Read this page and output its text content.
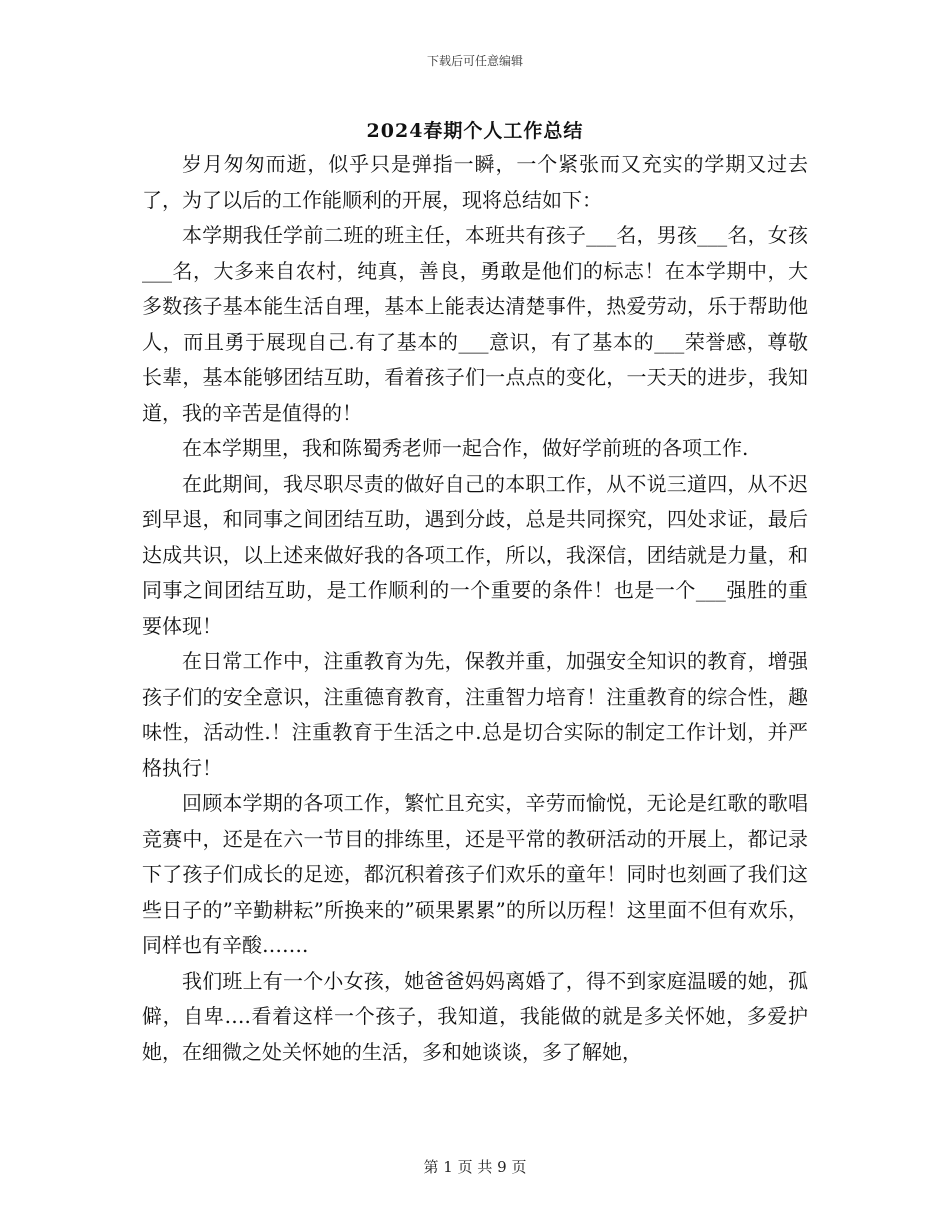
下载后可任意编辑
2024春期个人工作总结

岁月匆匆而逝，似乎只是弹指一瞬，一个紧张而又充实的学期又过去了，为了以后的工作能顺利的开展，现将总结如下：

本学期我任学前二班的班主任，本班共有孩子___名，男孩___名，女孩___名，大多来自农村，纯真，善良，勇敢是他们的标志！在本学期中，大多数孩子基本能生活自理，基本上能表达清楚事件，热爱劳动，乐于帮助他人，而且勇于展现自己.有了基本的___意识，有了基本的___荣誉感，尊敬长辈，基本能够团结互助，看着孩子们一点点的变化，一天天的进步，我知道，我的辛苦是值得的！

在本学期里，我和陈蜀秀老师一起合作，做好学前班的各项工作.

在此期间，我尽职尽责的做好自己的本职工作，从不说三道四，从不迟到早退，和同事之间团结互助，遇到分歧，总是共同探究，四处求证，最后达成共识，以上述来做好我的各项工作，所以，我深信，团结就是力量，和同事之间团结互助，是工作顺利的一个重要的条件！也是一个___强胜的重要体现！

在日常工作中，注重教育为先，保教并重，加强安全知识的教育，增强孩子们的安全意识，注重德育教育，注重智力培育！注重教育的综合性，趣味性，活动性.！注重教育于生活之中.总是切合实际的制定工作计划，并严格执行！

回顾本学期的各项工作，繁忙且充实，辛劳而愉悦，无论是红歌的歌唱竞赛中，还是在六一节目的排练里，还是平常的教研活动的开展上，都记录下了孩子们成长的足迹，都沉积着孩子们欢乐的童年！同时也刻画了我们这些日子的”辛勤耕耘”所换来的”硕果累累”的所以历程！这里面不但有欢乐，同样也有辛酸…….

我们班上有一个小女孩，她爸爸妈妈离婚了，得不到家庭温暖的她，孤僻，自卑….看着这样一个孩子，我知道，我能做的就是多关怀她，多爱护她，在细微之处关怀她的生活，多和她谈谈，多了解她，

第 1 页 共 9 页
